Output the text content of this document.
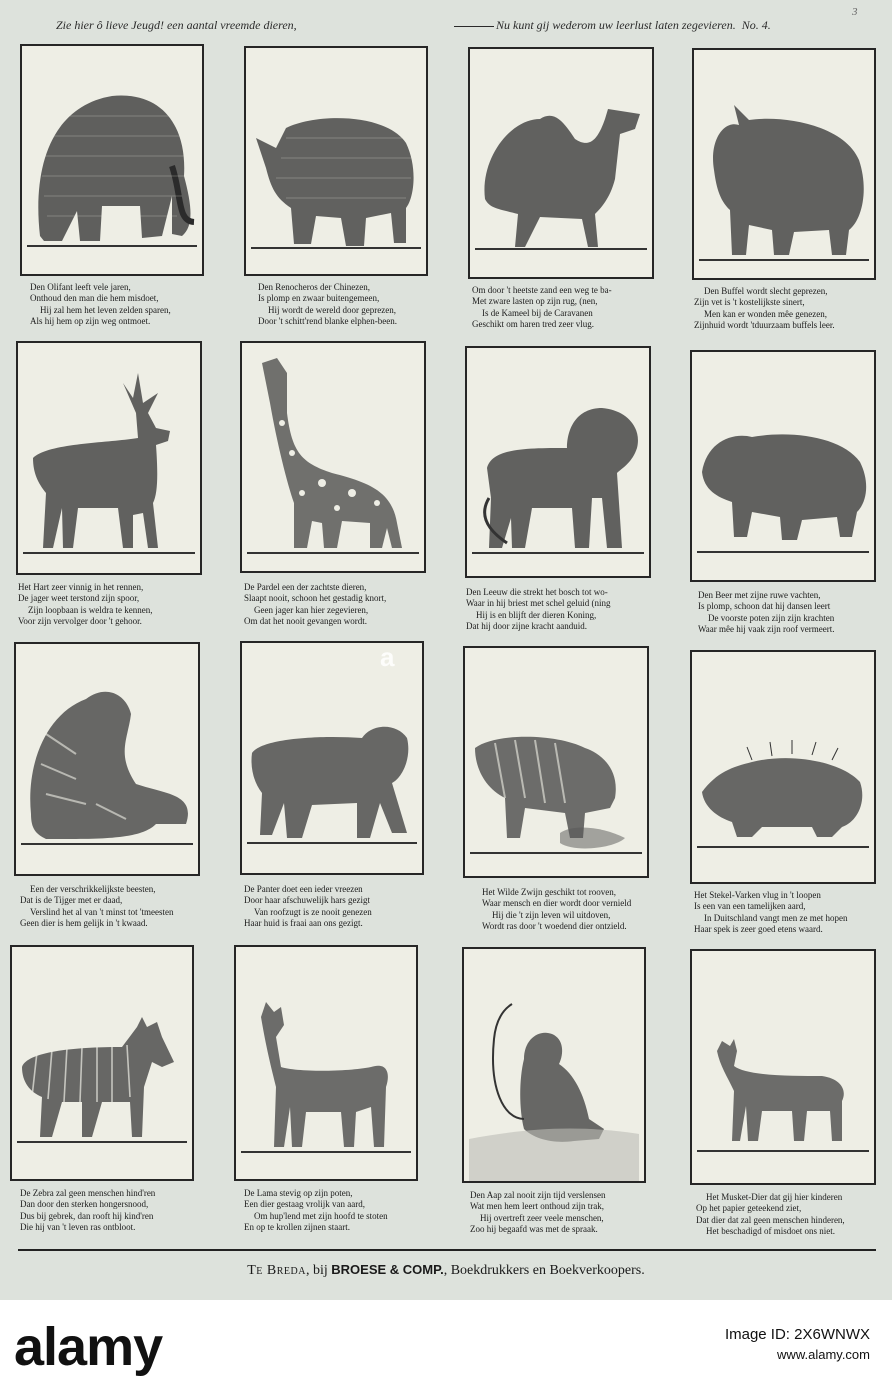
Zie hier ô lieve Jeugd! een aantal vreemde dieren,	Nu kunt gij wederom uw leerlust laten zegevieren. No. 4.
3
Den Olifant leeft vele jaren,
Onthoud den man die hem misdoet,
Hij zal hem het leven zelden sparen,
Als hij hem op zijn weg ontmoet.
Den Renocheros der Chinezen,
Is plomp en zwaar buitengemeen,
Hij wordt de wereld door geprezen,
Door 't schitt'rend blanke elphen-been.
Om door 't heetste zand een weg te ba-
Met zware lasten op zijn rug, (nen,
Is de Kameel bij de Caravanen
Geschikt om haren tred zeer vlug.
Den Buffel wordt slecht geprezen,
Zijn vet is 't kostelijkste sinert,
Men kan er wonden mêe genezen,
Zijnhuid wordt 'tduurzaam buffels leer.
Het Hart zeer vinnig in het rennen,
De jager weet terstond zijn spoor,
Zijn loopbaan is weldra te kennen,
Voor zijn vervolger door 't gehoor.
De Pardel een der zachtste dieren,
Slaapt nooit, schoon het gestadig knort,
Geen jager kan hier zegevieren,
Om dat het nooit gevangen wordt.
Den Leeuw die strekt het bosch tot wo-
Waar in hij briest met schel geluid (ning
Hij is en blijft der dieren Koning,
Dat hij door zijne kracht aanduid.
Den Beer met zijne ruwe vachten,
Is plomp, schoon dat hij dansen leert
De voorste poten zijn zijn krachten
Waar mêe hij vaak zijn roof vermeert.
Een der verschrikkelijkste beesten,
Dat is de Tijger met er daad,
Verslind het al van 't minst tot 'tmeesten
Geen dier is hem gelijk in 't kwaad.
De Panter doet een ieder vreezen
Door haar afschuwelijk hars gezigt
Van roofzugt is ze nooit genezen
Haar huid is fraai aan ons gezigt.
Het Wilde Zwijn geschikt tot rooven,
Waar mensch en dier wordt door vernield
Hij die 't zijn leven wil uitdoven,
Wordt ras door 't woedend dier ontzield.
Het Stekel-Varken vlug in 't loopen
Is een van een tamelijken aard,
In Duitschland vangt men ze met hopen
Haar spek is zeer goed etens waard.
De Zebra zal geen menschen hind'ren
Dan door den sterken hongersnood,
Dus bij gebrek, dan rooft hij kind'ren
Die hij van 't leven ras ontbloot.
De Lama stevig op zijn poten,
Een dier gestaag vrolijk van aard,
Om hup'lend met zijn hoofd te stoten
En op te krollen zijnen staart.
Den Aap zal nooit zijn tijd verslensen
Wat men hem leert onthoud zijn trak,
Hij overtreft zeer veele menschen,
Zoo hij begaafd was met de spraak.
Het Musket-Dier dat gij hier kinderen
Op het papier geteekend ziet,
Dat dier dat zal geen menschen hinderen,
Het beschadigd of misdoet ons niet.
Te Breda, bij BROESE & COMP., Boekdrukkers en Boekverkoopers.
a
alamy	Image ID: 2X6WNWX
www.alamy.com
